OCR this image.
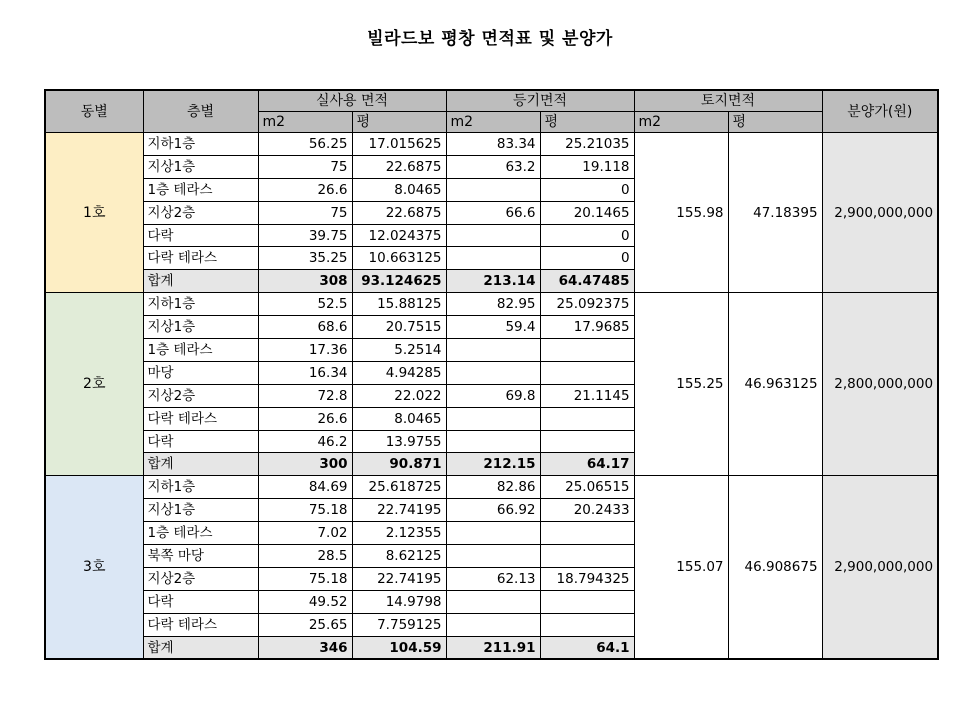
빌라드보 평창 면적표 및 분양가
동별	층별	실사용 면적		등기면적		토지면적		분양가(원)
		m2	평	m2	평	m2	평	
1호	지하1층	56.25	17.015625	83.34	25.21035	155.98	47.18395	2,900,000,000
	지상1층	75	22.6875	63.2	19.118			
	1층 테라스	26.6	8.0465		0			
	지상2층	75	22.6875	66.6	20.1465			
	다락	39.75	12.024375		0			
	다락 테라스	35.25	10.663125		0			
	합계	308	93.124625	213.14	64.47485			
2호	지하1층	52.5	15.88125	82.95	25.092375	155.25	46.963125	2,800,000,000
	지상1층	68.6	20.7515	59.4	17.9685			
	1층 테라스	17.36	5.2514					
	마당	16.34	4.94285					
	지상2층	72.8	22.022	69.8	21.1145			
	다락 테라스	26.6	8.0465					
	다락	46.2	13.9755					
	합계	300	90.871	212.15	64.17			
3호	지하1층	84.69	25.618725	82.86	25.06515	155.07	46.908675	2,900,000,000
	지상1층	75.18	22.74195	66.92	20.2433			
	1층 테라스	7.02	2.12355					
	북쪽 마당	28.5	8.62125					
	지상2층	75.18	22.74195	62.13	18.794325			
	다락	49.52	14.9798					
	다락 테라스	25.65	7.759125					
	합계	346	104.59	211.91	64.1			
